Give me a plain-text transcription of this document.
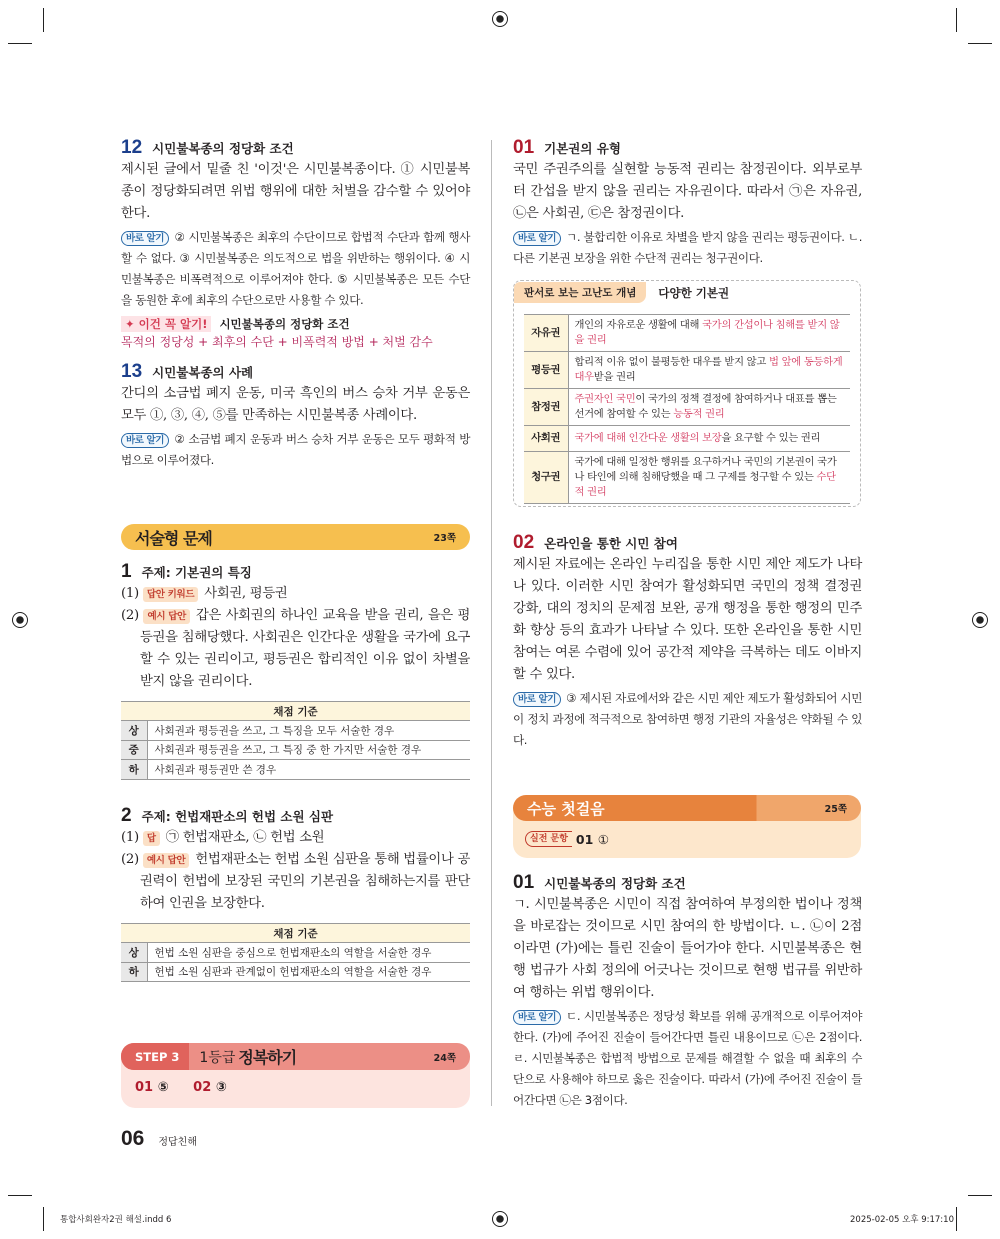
12 시민불복종의 정당화 조건
제시된 글에서 밑줄 친 '이것'은 시민불복종이다. ① 시민불복종이 정당화되려면 위법 행위에 대한 처벌을 감수할 수 있어야 한다.
바로 알기 ② 시민불복종은 최후의 수단이므로 합법적 수단과 함께 행사할 수 없다. ③ 시민불복종은 의도적으로 법을 위반하는 행위이다. ④ 시민불복종은 비폭력적으로 이루어져야 한다. ⑤ 시민불복종은 모든 수단을 동원한 후에 최후의 수단으로만 사용할 수 있다.
✦ 이건 꼭 알기! 시민불복종의 정당화 조건
목적의 정당성 + 최후의 수단 + 비폭력적 방법 + 처벌 감수
13 시민불복종의 사례
간디의 소금법 폐지 운동, 미국 흑인의 버스 승차 거부 운동은 모두 ①, ③, ④, ⑤를 만족하는 시민불복종 사례이다.
바로 알기 ② 소금법 폐지 운동과 버스 승차 거부 운동은 모두 평화적 방법으로 이루어졌다.
서술형 문제	23쪽
1 주제: 기본권의 특징
(1) 답안 키워드 사회권, 평등권
(2) 예시 답안 갑은 사회권의 하나인 교육을 받을 권리, 을은 평등권을 침해당했다. 사회권은 인간다운 생활을 국가에 요구할 수 있는 권리이고, 평등권은 합리적인 이유 없이 차별을 받지 않을 권리이다.
채점 기준	
상	사회권과 평등권을 쓰고, 그 특징을 모두 서술한 경우
중	사회권과 평등권을 쓰고, 그 특징 중 한 가지만 서술한 경우
하	사회권과 평등권만 쓴 경우
2 주제: 헌법재판소의 헌법 소원 심판
(1) 답 ㉠ 헌법재판소, ㉡ 헌법 소원
(2) 예시 답안 헌법재판소는 헌법 소원 심판을 통해 법률이나 공권력이 헌법에 보장된 국민의 기본권을 침해하는지를 판단하여 인권을 보장한다.
채점 기준	
상	헌법 소원 심판을 중심으로 헌법재판소의 역할을 서술한 경우
하	헌법 소원 심판과 관계없이 헌법재판소의 역할을 서술한 경우
01 ⑤ 02 ③
STEP 3	1등급 정복하기	24쪽
06 정답친해
01 기본권의 유형
국민 주권주의를 실현할 능동적 권리는 참정권이다. 외부로부터 간섭을 받지 않을 권리는 자유권이다. 따라서 ㉠은 자유권, ㉡은 사회권, ㉢은 참정권이다.
바로 알기 ㄱ. 불합리한 이유로 차별을 받지 않을 권리는 평등권이다. ㄴ. 다른 기본권 보장을 위한 수단적 권리는 청구권이다.
판서로 보는 고난도 개념	다양한 기본권
자유권	개인의 자유로운 생활에 대해 국가의 간섭이나 침해를 받지 않을 권리
평등권	합리적 이유 없이 불평등한 대우를 받지 않고 법 앞에 동등하게 대우받을 권리
참정권	주권자인 국민이 국가의 정책 결정에 참여하거나 대표를 뽑는 선거에 참여할 수 있는 능동적 권리
사회권	국가에 대해 인간다운 생활의 보장을 요구할 수 있는 권리
청구권	국가에 대해 일정한 행위를 요구하거나 국민의 기본권이 국가나 타인에 의해 침해당했을 때 그 구제를 청구할 수 있는 수단적 권리
02 온라인을 통한 시민 참여
제시된 자료에는 온라인 누리집을 통한 시민 제안 제도가 나타나 있다. 이러한 시민 참여가 활성화되면 국민의 정책 결정권 강화, 대의 정치의 문제점 보완, 공개 행정을 통한 행정의 민주화 향상 등의 효과가 나타날 수 있다. 또한 온라인을 통한 시민 참여는 여론 수렴에 있어 공간적 제약을 극복하는 데도 이바지할 수 있다.
바로 알기 ③ 제시된 자료에서와 같은 시민 제안 제도가 활성화되어 시민이 정치 과정에 적극적으로 참여하면 행정 기관의 자율성은 약화될 수 있다.
실전 문항 01
①
수능 첫걸음	25쪽
01 시민불복종의 정당화 조건
ㄱ. 시민불복종은 시민이 직접 참여하여 부정의한 법이나 정책을 바로잡는 것이므로 시민 참여의 한 방법이다. ㄴ. ㉡이 2점이라면 (가)에는 틀린 진술이 들어가야 한다. 시민불복종은 현행 법규가 사회 정의에 어긋나는 것이므로 현행 법규를 위반하여 행하는 위법 행위이다.
바로 알기 ㄷ. 시민불복종은 정당성 확보를 위해 공개적으로 이루어져야 한다. (가)에 주어진 진술이 들어간다면 틀린 내용이므로 ㉡은 2점이다. ㄹ. 시민불복종은 합법적 방법으로 문제를 해결할 수 없을 때 최후의 수단으로 사용해야 하므로 옳은 진술이다. 따라서 (가)에 주어진 진술이 들어간다면 ㉡은 3점이다.
통합사회완자2권 해설.indd 6	2025-02-05 오후 9:17:10
